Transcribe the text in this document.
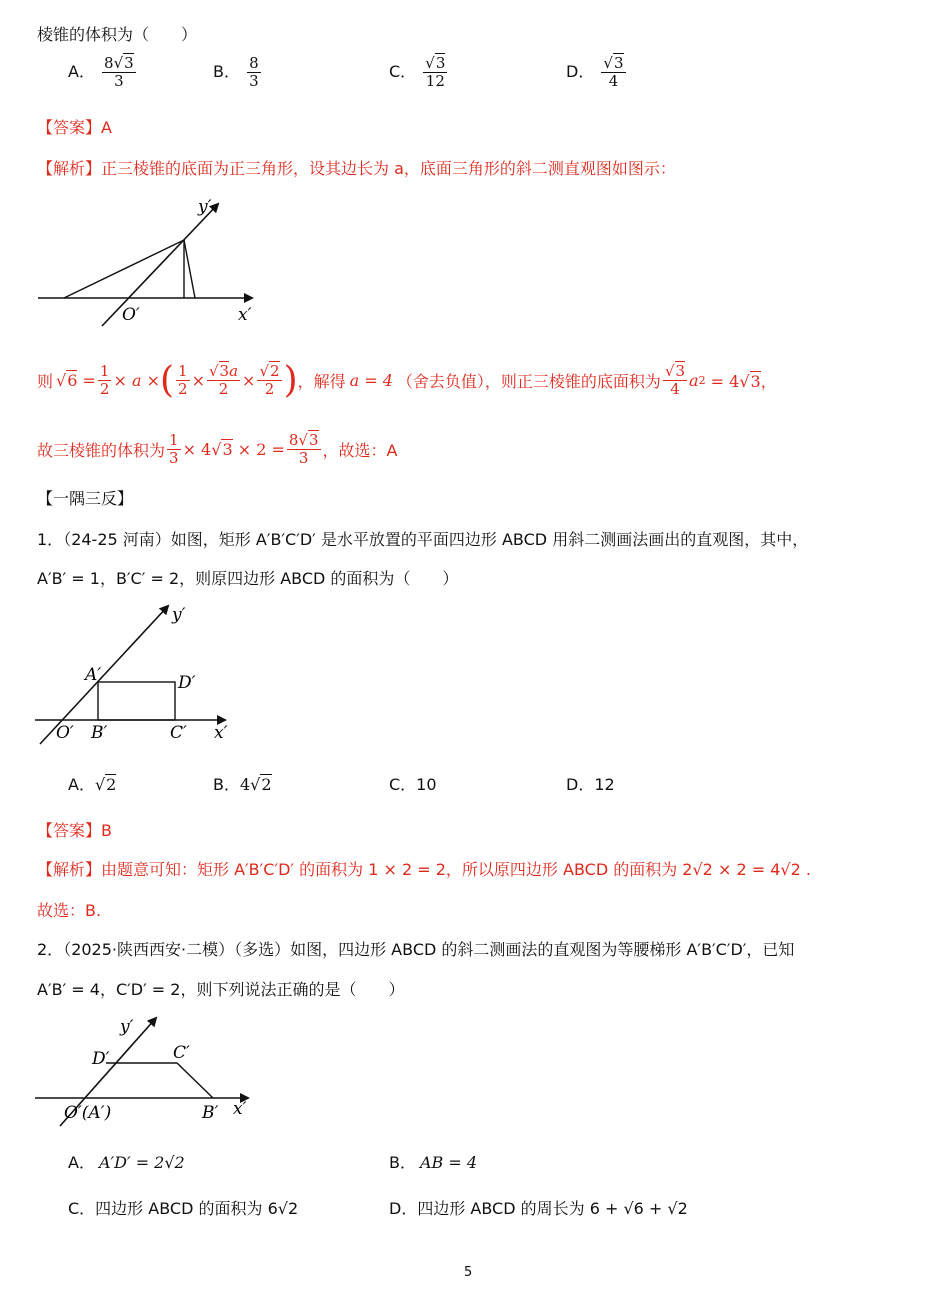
棱锥的体积为（　　）
A． $\frac{8√3}{3}$	B． $\frac{8}{3}$	C． $\frac{√3}{12}$	D． $\frac{√3}{4}$
【答案】A
【解析】正三棱锥的底面为正三角形，设其边长为 a，底面三角形的斜二测直观图如图示：
y′
O′	x′
则 $√6 = \frac{1}{2} \times a$ × ( $\frac{1}{2} \times \frac{√3a}{2} \times \frac{√2}{2}$ ) ，解得 a = 4 （舍去负值），则正三棱锥的底面积为 $\frac{√3}{4}$ a 2 = 4√3，
故三棱锥的体积为 $\frac{1}{3} \times 4√3 \times 2 = \frac{8√3}{3}$ ，故选：A
【一隅三反】
1．（24-25 河南）如图，矩形 A′B′C′D′ 是水平放置的平面四边形 ABCD 用斜二测画法画出的直观图，其中，
A′B′ = 1，B′C′ = 2，则原四边形 ABCD 的面积为（　　）
y′
A′	D′
O′ B′	C′ x′
A．√2	B．4√2	C．10	D．12
【答案】B
【解析】由题意可知：矩形 A′B′C′D′ 的面积为 1 × 2 = 2，所以原四边形 ABCD 的面积为 2√2 × 2 = 4√2 .
故选：B.
2．（2025·陕西西安·二模）（多选）如图，四边形 ABCD 的斜二测画法的直观图为等腰梯形 A′B′C′D′，已知
A′B′ = 4，C′D′ = 2，则下列说法正确的是（　　）
y′
D′	C′
O′(A′)	B′ x′
A． A′D′ = 2√2	B． AB = 4
C．四边形 ABCD 的面积为 6√2	D．四边形 ABCD 的周长为 6 + √6 + √2
5
